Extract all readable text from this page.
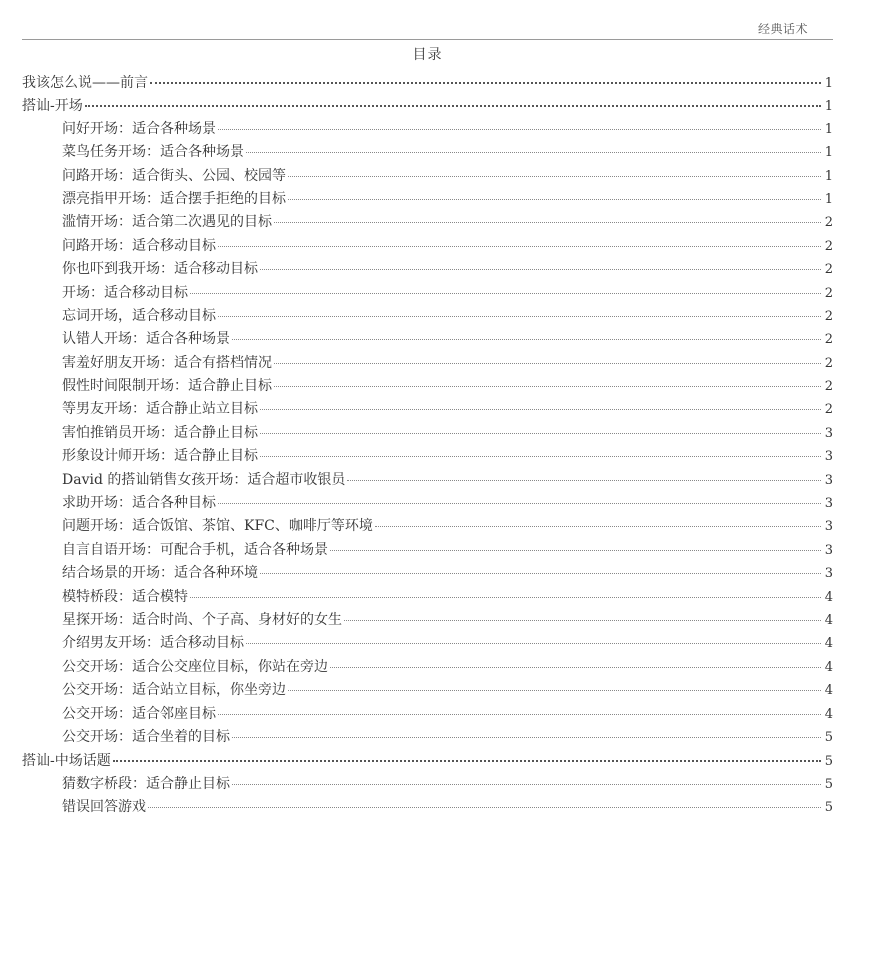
经典话术
目录
我该怎么说——前言	1
搭讪-开场	1
问好开场：适合各种场景	1
菜鸟任务开场：适合各种场景	1
问路开场：适合街头、公园、校园等	1
漂亮指甲开场：适合摆手拒绝的目标	1
滥情开场：适合第二次遇见的目标	2
问路开场：适合移动目标	2
你也吓到我开场：适合移动目标	2
开场：适合移动目标	2
忘词开场，适合移动目标	2
认错人开场：适合各种场景	2
害羞好朋友开场：适合有搭档情况	2
假性时间限制开场：适合静止目标	2
等男友开场：适合静止站立目标	2
害怕推销员开场：适合静止目标	3
形象设计师开场：适合静止目标	3
David 的搭讪销售女孩开场：适合超市收银员	3
求助开场：适合各种目标	3
问题开场：适合饭馆、茶馆、KFC、咖啡厅等环境	3
自言自语开场：可配合手机，适合各种场景	3
结合场景的开场：适合各种环境	3
模特桥段：适合模特	4
星探开场：适合时尚、个子高、身材好的女生	4
介绍男友开场：适合移动目标	4
公交开场：适合公交座位目标，你站在旁边	4
公交开场：适合站立目标，你坐旁边	4
公交开场：适合邻座目标	4
公交开场：适合坐着的目标	5
搭讪-中场话题	5
猜数字桥段：适合静止目标	5
错误回答游戏	5
